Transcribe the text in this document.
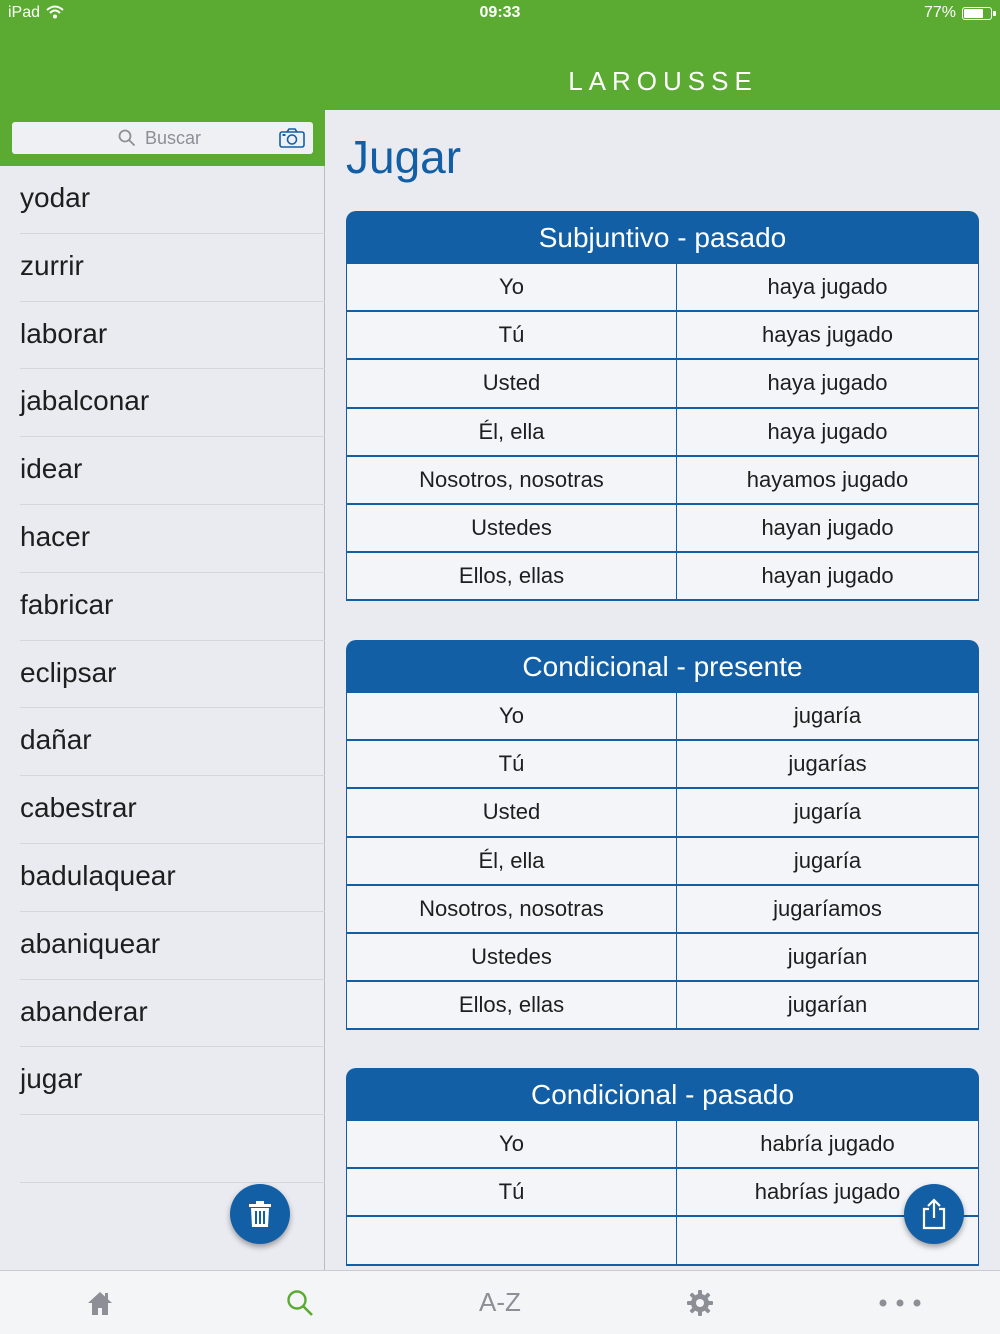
iPad	09:33	77%
LAROUSSE
Buscar
yodar
zurrir
laborar
jabalconar
idear
hacer
fabricar
eclipsar
dañar
cabestrar
badulaquear
abaniquear
abanderar
jugar
Jugar
Subjuntivo - pasado
Yo	haya jugado
Tú	hayas jugado
Usted	haya jugado
Él, ella	haya jugado
Nosotros, nosotras	hayamos jugado
Ustedes	hayan jugado
Ellos, ellas	hayan jugado
Condicional - presente
Yo	jugaría
Tú	jugarías
Usted	jugaría
Él, ella	jugaría
Nosotros, nosotras	jugaríamos
Ustedes	jugarían
Ellos, ellas	jugarían
Condicional - pasado
Yo	habría jugado
Tú	habrías jugado
A-Z
